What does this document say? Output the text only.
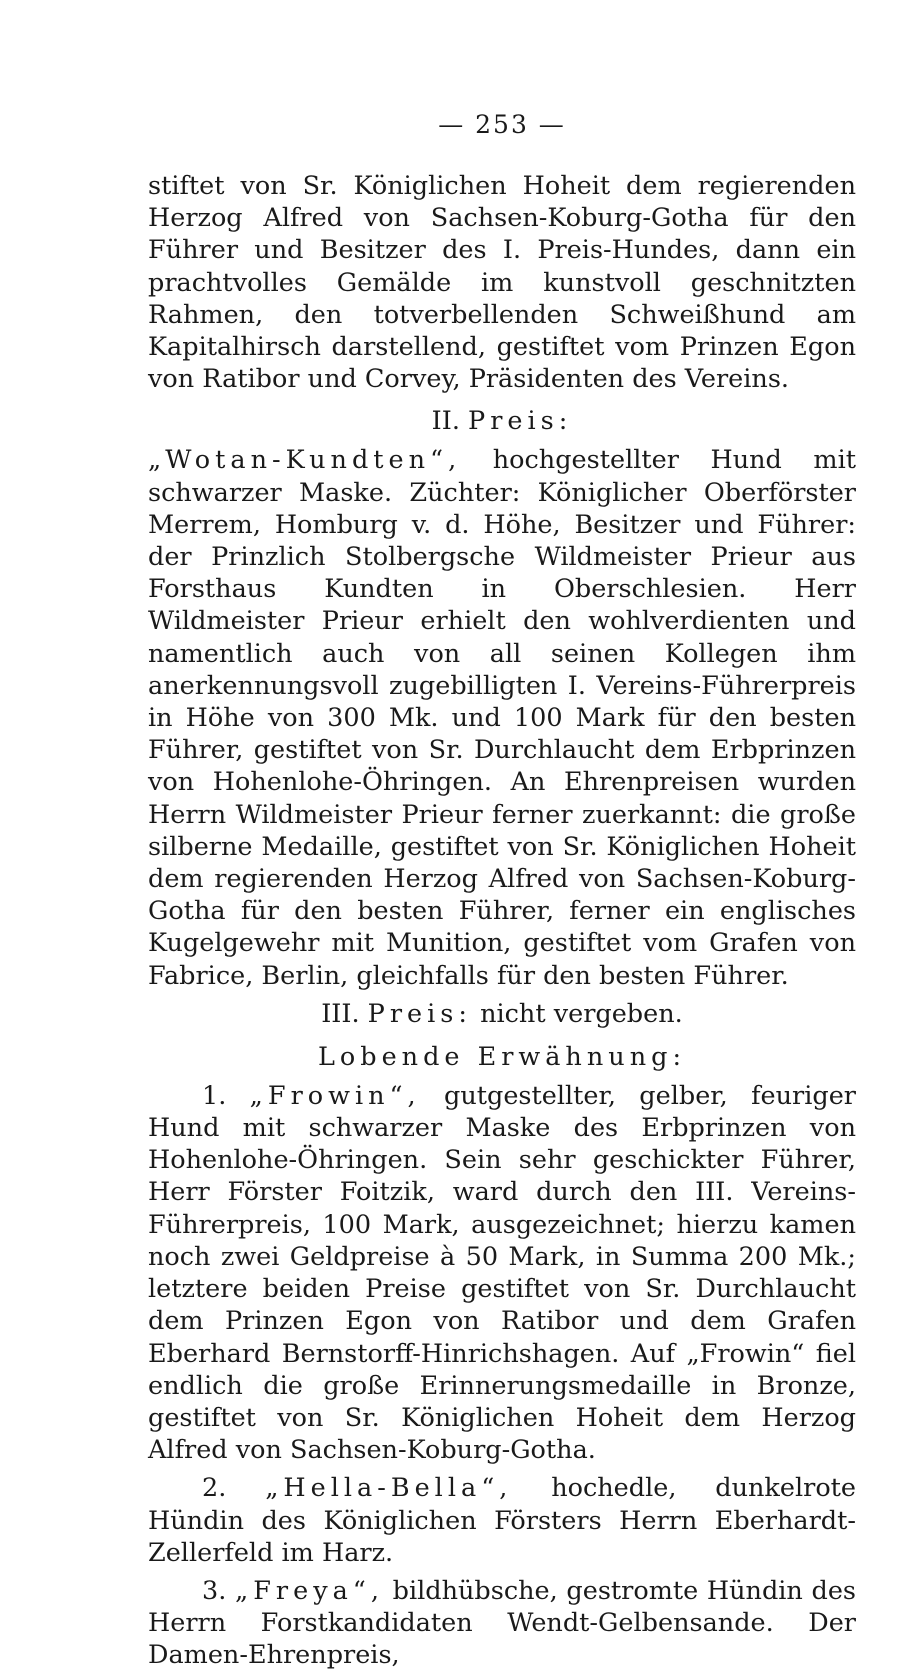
— 253 —

stiftet von Sr. Königlichen Hoheit dem regierenden Herzog Alfred von Sachsen-Koburg-Gotha für den Führer und Besitzer des I. Preis-Hundes, dann ein prachtvolles Gemälde im kunstvoll geschnitzten Rahmen, den totverbellenden Schweißhund am Kapitalhirsch darstellend, gestiftet vom Prinzen Egon von Ratibor und Corvey, Präsidenten des Vereins.

II. Preis:

„Wotan-Kundten“, hochgestellter Hund mit schwarzer Maske. Züchter: Königlicher Oberförster Merrem, Homburg v. d. Höhe, Besitzer und Führer: der Prinzlich Stolbergsche Wildmeister Prieur aus Forsthaus Kundten in Oberschlesien. Herr Wildmeister Prieur erhielt den wohlverdienten und namentlich auch von all seinen Kollegen ihm anerkennungsvoll zugebilligten I. Vereins-Führerpreis in Höhe von 300 Mk. und 100 Mark für den besten Führer, gestiftet von Sr. Durchlaucht dem Erbprinzen von Hohenlohe-Öhringen. An Ehrenpreisen wurden Herrn Wildmeister Prieur ferner zuerkannt: die große silberne Medaille, gestiftet von Sr. Königlichen Hoheit dem regierenden Herzog Alfred von Sachsen-Koburg-Gotha für den besten Führer, ferner ein englisches Kugelgewehr mit Munition, gestiftet vom Grafen von Fabrice, Berlin, gleichfalls für den besten Führer.

III. Preis: nicht vergeben.

Lobende Erwähnung:

1. „Frowin“, gutgestellter, gelber, feuriger Hund mit schwarzer Maske des Erbprinzen von Hohenlohe-Öhringen. Sein sehr geschickter Führer, Herr Förster Foitzik, ward durch den III. Vereins-Führerpreis, 100 Mark, ausgezeichnet; hierzu kamen noch zwei Geldpreise à 50 Mark, in Summa 200 Mk.; letztere beiden Preise gestiftet von Sr. Durchlaucht dem Prinzen Egon von Ratibor und dem Grafen Eberhard Bernstorff-Hinrichshagen. Auf „Frowin“ fiel endlich die große Erinnerungsmedaille in Bronze, gestiftet von Sr. Königlichen Hoheit dem Herzog Alfred von Sachsen-Koburg-Gotha.

2. „Hella-Bella“, hochedle, dunkelrote Hündin des Königlichen Försters Herrn Eberhardt-Zellerfeld im Harz.

3. „Freya“, bildhübsche, gestromte Hündin des Herrn Forstkandidaten Wendt-Gelbensande. Der Damen-Ehrenpreis,
